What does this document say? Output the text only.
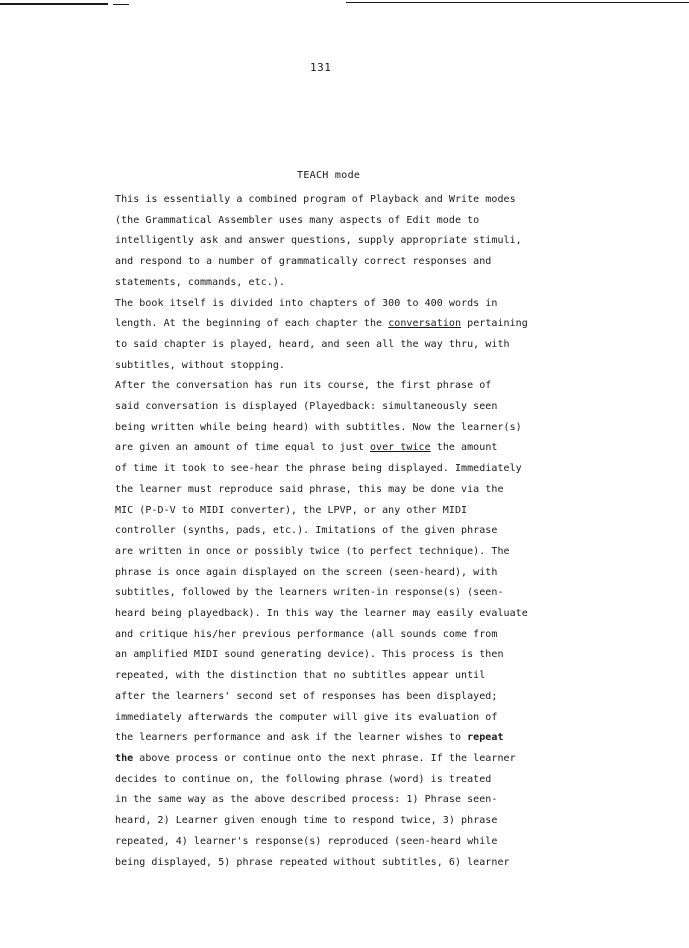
131
TEACH mode
This is essentially a combined program of Playback and Write modes
(the Grammatical Assembler uses many aspects of Edit mode to
intelligently ask and answer questions, supply appropriate stimuli,
and respond to a number of grammatically correct responses and
statements, commands, etc.).
The book itself is divided into chapters of 300 to 400 words in
length. At the beginning of each chapter the conversation pertaining
to said chapter is played, heard, and seen all the way thru, with
subtitles, without stopping.
After the conversation has run its course, the first phrase of
said conversation is displayed (Playedback: simultaneously seen
being written while being heard) with subtitles. Now the learner(s)
are given an amount of time equal to just over twice the amount
of time it took to see-hear the phrase being displayed. Immediately
the learner must reproduce said phrase, this may be done via the
MIC (P-D-V to MIDI converter), the LPVP, or any other MIDI
controller (synths, pads, etc.). Imitations of the given phrase
are written in once or possibly twice (to perfect technique). The
phrase is once again displayed on the screen (seen-heard), with
subtitles, followed by the learners writen-in response(s) (seen-
heard being playedback). In this way the learner may easily evaluate
and critique his/her previous performance (all sounds come from
an amplified MIDI sound generating device). This process is then
repeated, with the distinction that no subtitles appear until
after the learners' second set of responses has been displayed;
immediately afterwards the computer will give its evaluation of
the learners performance and ask if the learner wishes to repeat
the above process or continue onto the next phrase. If the learner
decides to continue on, the following phrase (word) is treated
in the same way as the above described process: 1) Phrase seen-
heard, 2) Learner given enough time to respond twice, 3) phrase
repeated, 4) learner's response(s) reproduced (seen-heard while
being displayed, 5) phrase repeated without subtitles, 6) learner
